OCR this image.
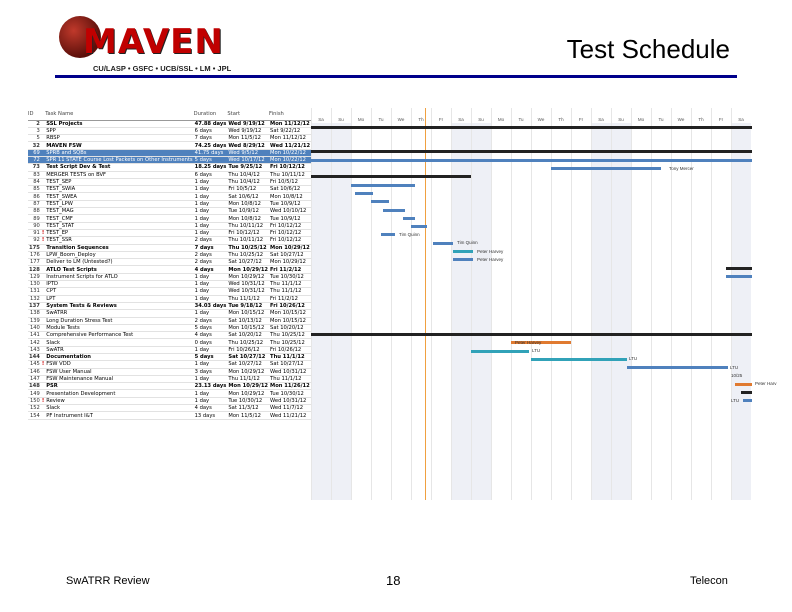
MAVEN
CU/LASP • GSFC • UCB/SSL • LM • JPL
Test Schedule
ID		Task Name	Duration	Start	Finish
2		SSL Projects	47.88 days	Wed 9/19/12	Mon 11/12/12
3		SPP	6 days	Wed 9/19/12	Sat 9/22/12
5		RBSP	7 days	Mon 11/5/12	Mon 11/12/12
32		MAVEN FSW	74.25 days	Wed 8/29/12	Wed 11/21/12
69		SPRB and SQBs	41.75 days	Wed 9/5/12	Mon 10/22/12
72		SPR 11 STATE Course Lost Packets on Other Instruments	5 days	Wed 10/17/12	Mon 10/22/12
73		Test Script Dev & Test	18.25 days	Tue 9/25/12	Fri 10/12/12
83		MERGER TESTS on BVF	6 days	Thu 10/4/12	Thu 10/11/12
84		TEST_SEP	1 day	Thu 10/4/12	Fri 10/5/12
85		TEST_SWIA	1 day	Fri 10/5/12	Sat 10/6/12
86		TEST_SWEA	1 day	Sat 10/6/12	Mon 10/8/12
87		TEST_LPW	1 day	Mon 10/8/12	Tue 10/9/12
88		TEST_MAG	1 day	Tue 10/9/12	Wed 10/10/12
89		TEST_CMF	1 day	Mon 10/8/12	Tue 10/9/12
90		TEST_STAT	1 day	Thu 10/11/12	Fri 10/12/12
91	!	TEST_EP	1 day	Fri 10/12/12	Fri 10/12/12
92	!	TEST_SSR	2 days	Thu 10/11/12	Fri 10/12/12
175		Transition Sequences	7 days	Thu 10/25/12	Mon 10/29/12
176		LPW_Boom_Deploy	2 days	Thu 10/25/12	Sat 10/27/12
177		Deliver to LM (Untested?)	2 days	Sat 10/27/12	Mon 10/29/12
128		ATLO Test Scripts	4 days	Mon 10/29/12	Fri 11/2/12
129		Instrument Scripts for ATLO	1 day	Mon 10/29/12	Tue 10/30/12
130		IPTD	1 day	Wed 10/31/12	Thu 11/1/12
131		CPT	1 day	Wed 10/31/12	Thu 11/1/12
132		LPT	1 day	Thu 11/1/12	Fri 11/2/12
137		System Tests & Reviews	34.03 days	Tue 9/18/12	Fri 10/26/12
138		SwATRR	1 day	Mon 10/15/12	Mon 10/15/12
139		Long Duration Stress Test	2 days	Sat 10/13/12	Mon 10/15/12
140		Module Tests	5 days	Mon 10/15/12	Sat 10/20/12
141		Comprehensive Performance Test	4 days	Sat 10/20/12	Thu 10/25/12
142		Slack	0 days	Thu 10/25/12	Thu 10/25/12
143		SwATR	1 day	Fri 10/26/12	Fri 10/26/12
144		Documentation	5 days	Sat 10/27/12	Thu 11/1/12
145	!	FSW VDD	1 day	Sat 10/27/12	Sat 10/27/12
146		FSW User Manual	3 days	Mon 10/29/12	Wed 10/31/12
147		FSW Maintenance Manual	1 day	Thu 11/1/12	Thu 11/1/12
148		PSR	23.13 days	Mon 10/29/12	Mon 11/26/12
149		Presentation Development	1 day	Mon 10/29/12	Tue 10/30/12
150	!	Review	1 day	Tue 10/30/12	Wed 10/31/12
152		Slack	4 days	Sat 11/3/12	Wed 11/7/12
154		PF Instrument I&T	13 days	Mon 11/5/12	Wed 11/21/12
Sa	Su	Mo	Tu	We	Th	Fr	Sa	Su	Mo	Tu	We	Th	Fr	Sa	Su	Mo	Tu	We	Th	Fr	Sa
Tony Mercer
Tim Quinn
Tim Quinn
Peter Harvey
Peter Harvey
Peter Harvey
LTU
LTU
LTU
10/25
Peter Harv
LTU
SwATRR Review	18	Telecon
